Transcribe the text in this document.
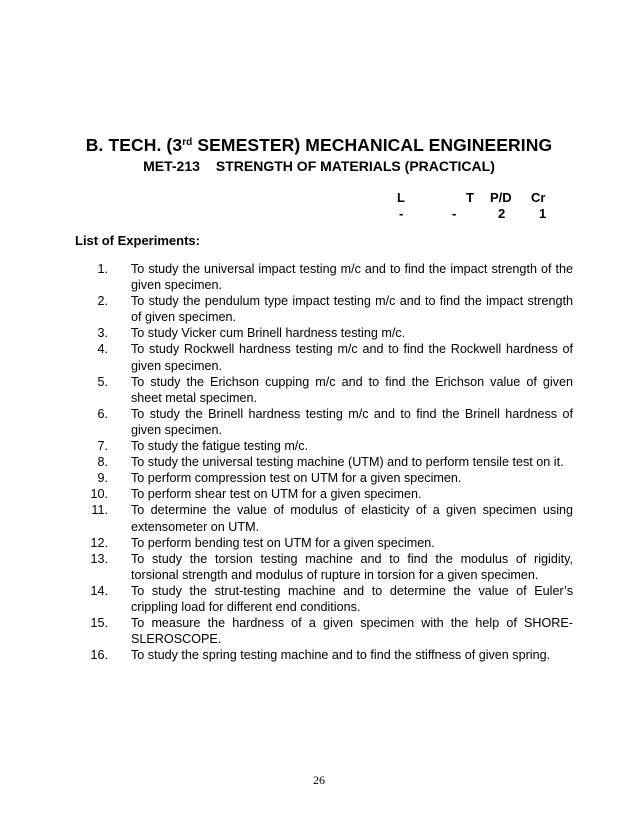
B. TECH. (3rd SEMESTER) MECHANICAL ENGINEERING
MET-213 STRENGTH OF MATERIALS (PRACTICAL)
L	T P/D Cr
-	-	2	1
List of Experiments:
1. To study the universal impact testing m/c and to find the impact strength of the given specimen.
2. To study the pendulum type impact testing m/c and to find the impact strength of given specimen.
3. To study Vicker cum Brinell hardness testing m/c.
4. To study Rockwell hardness testing m/c and to find the Rockwell hardness of given specimen.
5. To study the Erichson cupping m/c and to find the Erichson value of given sheet metal specimen.
6. To study the Brinell hardness testing m/c and to find the Brinell hardness of given specimen.
7. To study the fatigue testing m/c.
8. To study the universal testing machine (UTM) and to perform tensile test on it.
9. To perform compression test on UTM for a given specimen.
10. To perform shear test on UTM for a given specimen.
11. To determine the value of modulus of elasticity of a given specimen using extensometer on UTM.
12. To perform bending test on UTM for a given specimen.
13. To study the torsion testing machine and to find the modulus of rigidity, torsional strength and modulus of rupture in torsion for a given specimen.
14. To study the strut-testing machine and to determine the value of Euler’s crippling load for different end conditions.
15. To measure the hardness of a given specimen with the help of SHORE-SLEROSCOPE.
16. To study the spring testing machine and to find the stiffness of given spring.
26
